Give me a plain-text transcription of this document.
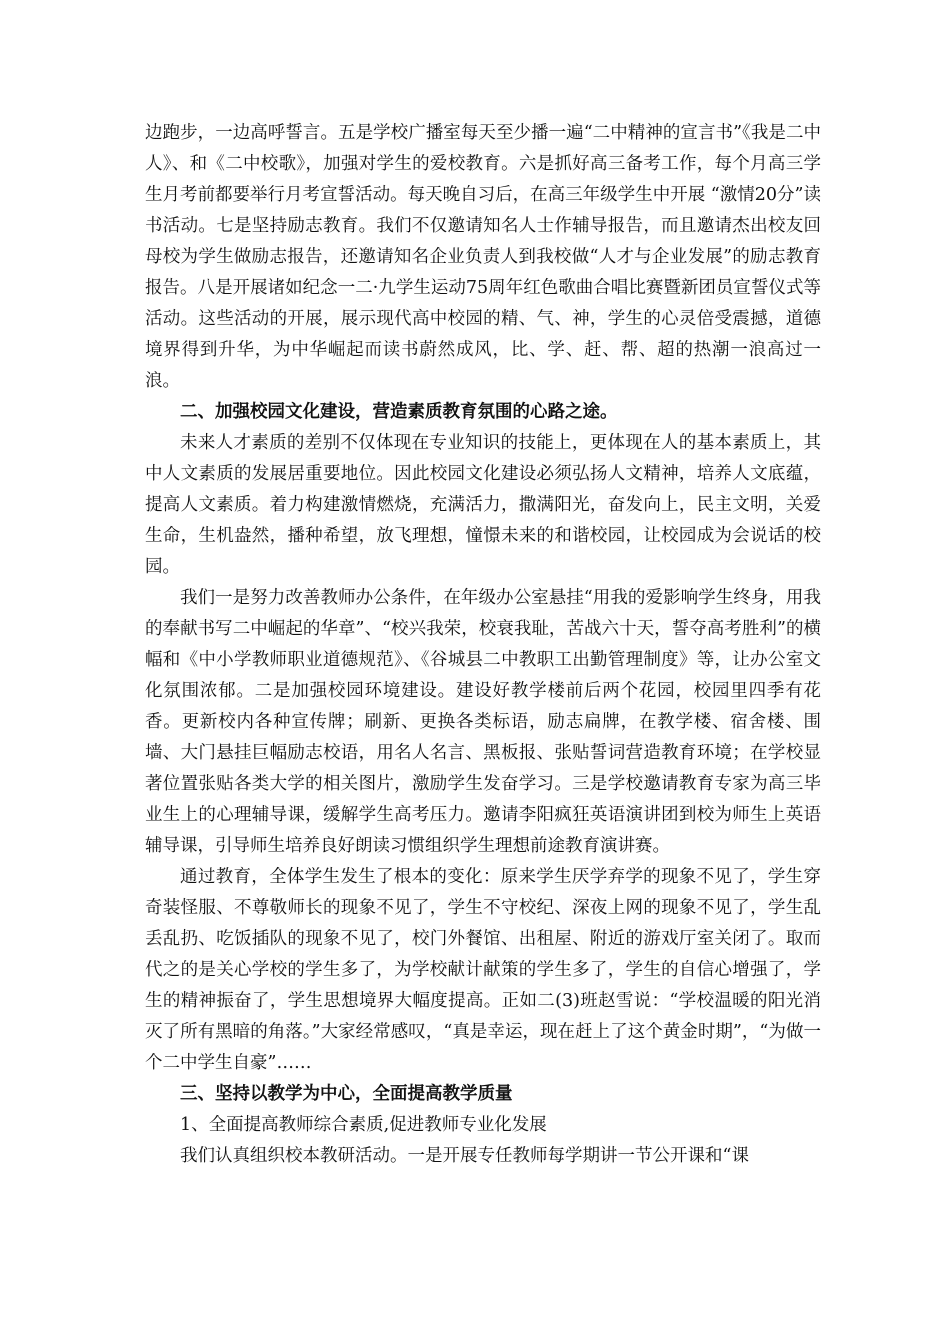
边跑步，一边高呼誓言。五是学校广播室每天至少播一遍“二中精神的宣言书”《我是二中人》、和《二中校歌》，加强对学生的爱校教育。六是抓好高三备考工作，每个月高三学生月考前都要举行月考宣誓活动。每天晚自习后，在高三年级学生中开展 “激情20分”读书活动。七是坚持励志教育。我们不仅邀请知名人士作辅导报告，而且邀请杰出校友回母校为学生做励志报告，还邀请知名企业负责人到我校做“人才与企业发展”的励志教育报告。八是开展诸如纪念一二·九学生运动75周年红色歌曲合唱比赛暨新团员宣誓仪式等活动。这些活动的开展，展示现代高中校园的精、气、神，学生的心灵倍受震撼，道德境界得到升华，为中华崛起而读书蔚然成风，比、学、赶、帮、超的热潮一浪高过一浪。

二、加强校园文化建设，营造素质教育氛围的心路之途。

未来人才素质的差别不仅体现在专业知识的技能上，更体现在人的基本素质上，其中人文素质的发展居重要地位。因此校园文化建设必须弘扬人文精神，培养人文底蕴，提高人文素质。着力构建激情燃烧，充满活力，撒满阳光，奋发向上，民主文明，关爱生命，生机盎然，播种希望，放飞理想，憧憬未来的和谐校园，让校园成为会说话的校园。

我们一是努力改善教师办公条件，在年级办公室悬挂“用我的爱影响学生终身，用我的奉献书写二中崛起的华章”、“校兴我荣，校衰我耻，苦战六十天，誓夺高考胜利”的横幅和《中小学教师职业道德规范》、《谷城县二中教职工出勤管理制度》等，让办公室文化氛围浓郁。二是加强校园环境建设。建设好教学楼前后两个花园，校园里四季有花香。更新校内各种宣传牌；刷新、更换各类标语，励志扁牌，在教学楼、宿舍楼、围墙、大门悬挂巨幅励志校语，用名人名言、黑板报、张贴誓词营造教育环境；在学校显著位置张贴各类大学的相关图片，激励学生发奋学习。三是学校邀请教育专家为高三毕业生上的心理辅导课，缓解学生高考压力。邀请李阳疯狂英语演讲团到校为师生上英语辅导课，引导师生培养良好朗读习惯组织学生理想前途教育演讲赛。

通过教育，全体学生发生了根本的变化：原来学生厌学弃学的现象不见了，学生穿奇装怪服、不尊敬师长的现象不见了，学生不守校纪、深夜上网的现象不见了，学生乱丢乱扔、吃饭插队的现象不见了，校门外餐馆、出租屋、附近的游戏厅室关闭了。取而代之的是关心学校的学生多了，为学校献计献策的学生多了，学生的自信心增强了，学生的精神振奋了，学生思想境界大幅度提高。正如二(3)班赵雪说：“学校温暖的阳光消灭了所有黑暗的角落。”大家经常感叹，“真是幸运，现在赶上了这个黄金时期”，“为做一个二中学生自豪”……

三、坚持以教学为中心，全面提高教学质量

1、全面提高教师综合素质,促进教师专业化发展

我们认真组织校本教研活动。一是开展专任教师每学期讲一节公开课和“课
